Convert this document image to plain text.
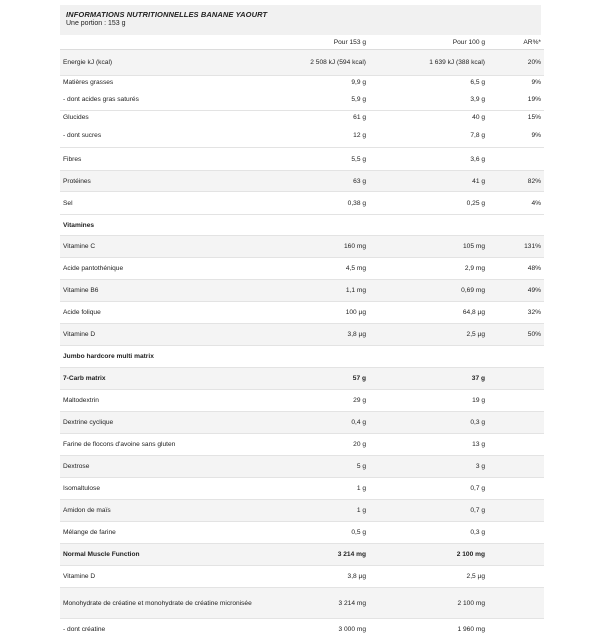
INFORMATIONS NUTRITIONNELLES BANANE YAOURT
Une portion : 153 g
	Pour 153 g	Pour 100 g	AR%*
Energie kJ (kcal)	2 508 kJ (594 kcal)	1 639 kJ (388 kcal)	20%
Matières grasses	9,9 g	6,5 g	9%
- dont acides gras saturés	5,9 g	3,9 g	19%
Glucides	61 g	40 g	15%
- dont sucres	12 g	7,8 g	9%
Fibres	5,5 g	3,6 g	
Protéines	63 g	41 g	82%
Sel	0,38 g	0,25 g	4%
Vitamines			
Vitamine C	160 mg	105 mg	131%
Acide pantothénique	4,5 mg	2,9 mg	48%
Vitamine B6	1,1 mg	0,69 mg	49%
Acide folique	100 µg	64,8 µg	32%
Vitamine D	3,8 µg	2,5 µg	50%
Jumbo hardcore multi matrix			
7-Carb matrix	57 g	37 g	
Maltodextrin	29 g	19 g	
Dextrine cyclique	0,4 g	0,3 g	
Farine de flocons d'avoine sans gluten	20 g	13 g	
Dextrose	5 g	3 g	
Isomaltulose	1 g	0,7 g	
Amidon de maïs	1 g	0,7 g	
Mélange de farine	0,5 g	0,3 g	
Normal Muscle Function	3 214 mg	2 100 mg	
Vitamine D	3,8 µg	2,5 µg	
Monohydrate de créatine et monohydrate de créatine micronisée	3 214 mg	2 100 mg	
- dont créatine	3 000 mg	1 960 mg	
